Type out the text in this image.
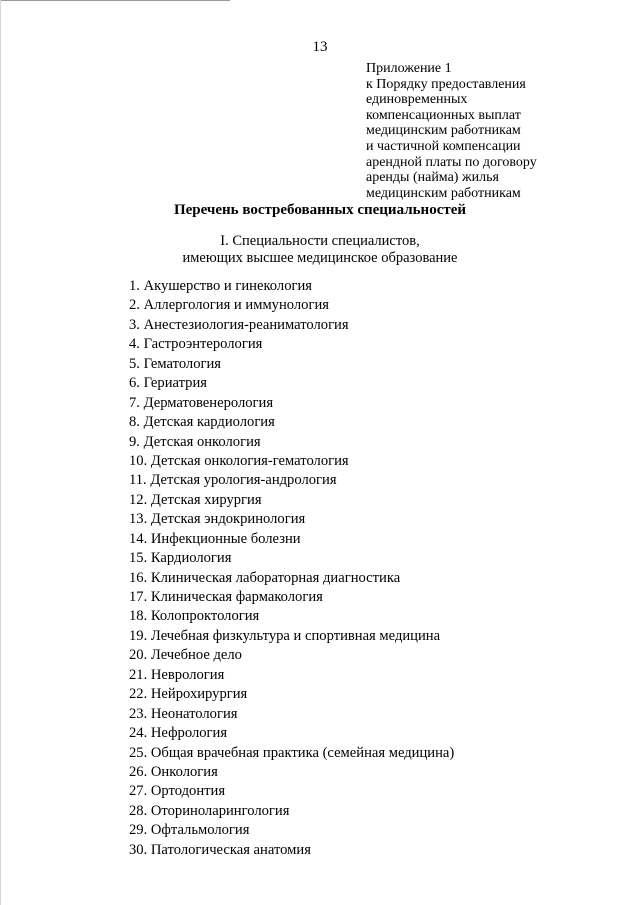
13
Приложение 1
к Порядку предоставления
единовременных
компенсационных выплат
медицинским работникам
и частичной компенсации
арендной платы по договору
аренды (найма) жилья
медицинским работникам
Перечень востребованных специальностей
I. Специальности специалистов,
имеющих высшее медицинское образование
1. Акушерство и гинекология
2. Аллергология и иммунология
3. Анестезиология-реаниматология
4. Гастроэнтерология
5. Гематология
6. Гериатрия
7. Дерматовенерология
8. Детская кардиология
9. Детская онкология
10. Детская онкология-гематология
11. Детская урология-андрология
12. Детская хирургия
13. Детская эндокринология
14. Инфекционные болезни
15. Кардиология
16. Клиническая лабораторная диагностика
17. Клиническая фармакология
18. Колопроктология
19. Лечебная физкультура и спортивная медицина
20. Лечебное дело
21. Неврология
22. Нейрохирургия
23. Неонатология
24. Нефрология
25. Общая врачебная практика (семейная медицина)
26. Онкология
27. Ортодонтия
28. Оториноларингология
29. Офтальмология
30. Патологическая анатомия
